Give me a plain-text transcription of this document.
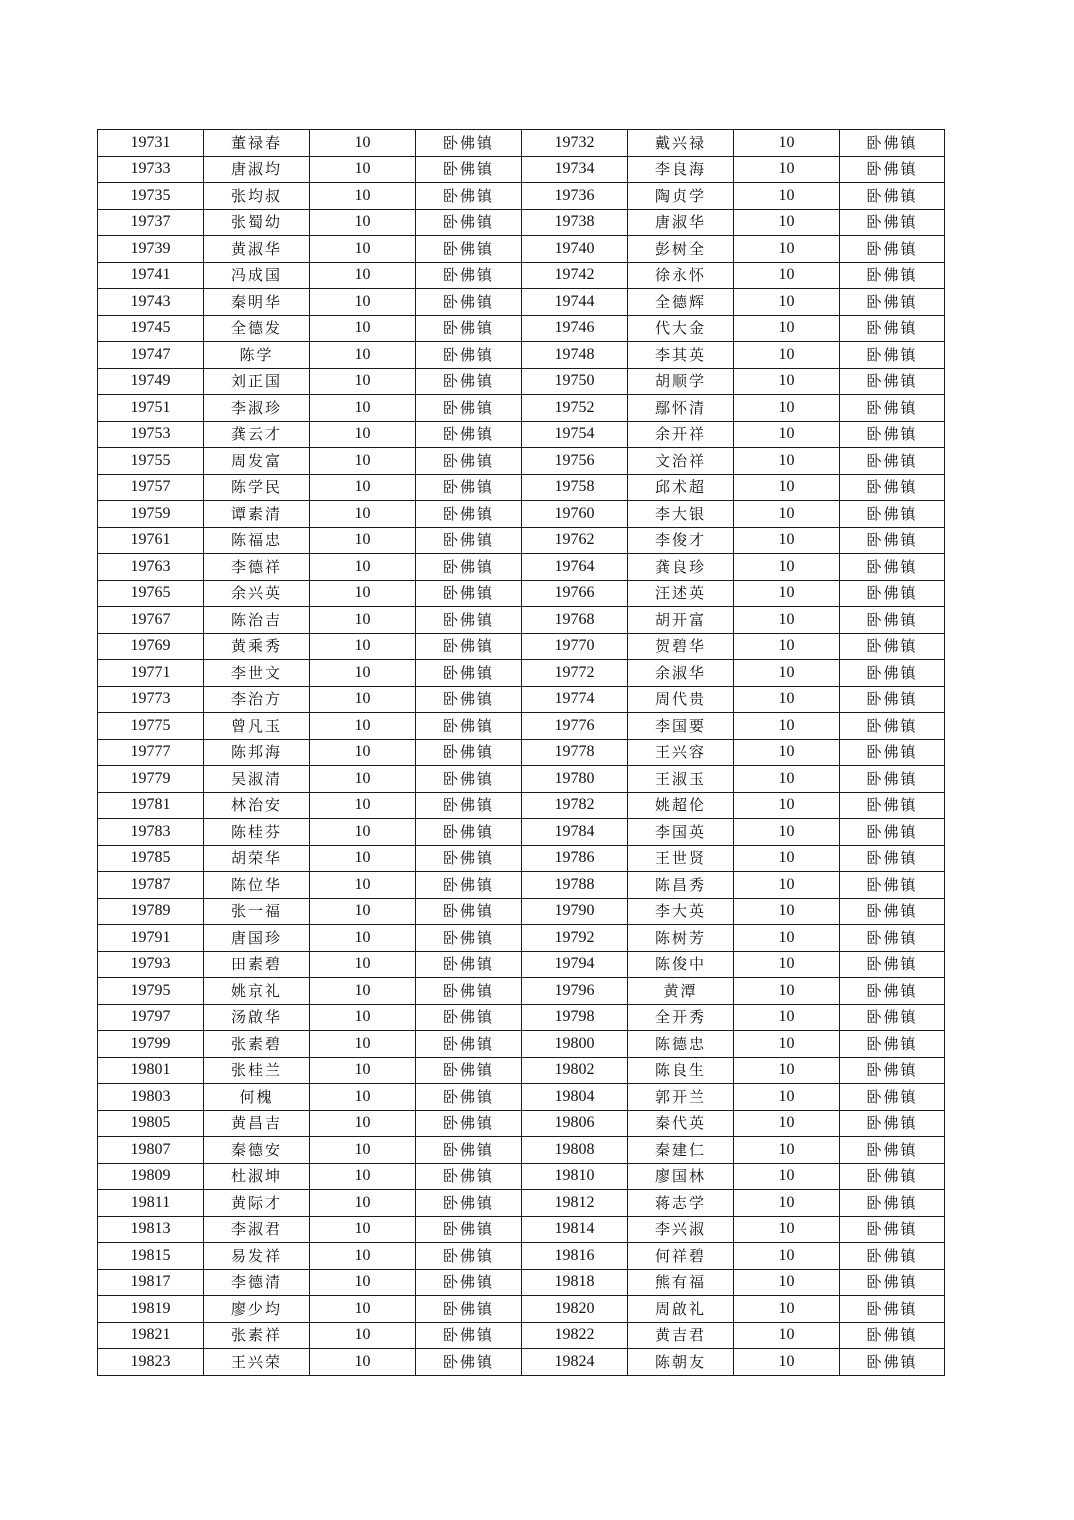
19731	董禄春	10	卧佛镇	19732	戴兴禄	10	卧佛镇
19733	唐淑均	10	卧佛镇	19734	李良海	10	卧佛镇
19735	张均叔	10	卧佛镇	19736	陶贞学	10	卧佛镇
19737	张蜀幼	10	卧佛镇	19738	唐淑华	10	卧佛镇
19739	黄淑华	10	卧佛镇	19740	彭树全	10	卧佛镇
19741	冯成国	10	卧佛镇	19742	徐永怀	10	卧佛镇
19743	秦明华	10	卧佛镇	19744	全德辉	10	卧佛镇
19745	全德发	10	卧佛镇	19746	代大金	10	卧佛镇
19747	陈学	10	卧佛镇	19748	李其英	10	卧佛镇
19749	刘正国	10	卧佛镇	19750	胡顺学	10	卧佛镇
19751	李淑珍	10	卧佛镇	19752	鄢怀清	10	卧佛镇
19753	龚云才	10	卧佛镇	19754	余开祥	10	卧佛镇
19755	周发富	10	卧佛镇	19756	文治祥	10	卧佛镇
19757	陈学民	10	卧佛镇	19758	邱术超	10	卧佛镇
19759	谭素清	10	卧佛镇	19760	李大银	10	卧佛镇
19761	陈福忠	10	卧佛镇	19762	李俊才	10	卧佛镇
19763	李德祥	10	卧佛镇	19764	龚良珍	10	卧佛镇
19765	余兴英	10	卧佛镇	19766	汪述英	10	卧佛镇
19767	陈治吉	10	卧佛镇	19768	胡开富	10	卧佛镇
19769	黄乘秀	10	卧佛镇	19770	贺碧华	10	卧佛镇
19771	李世文	10	卧佛镇	19772	余淑华	10	卧佛镇
19773	李治方	10	卧佛镇	19774	周代贵	10	卧佛镇
19775	曾凡玉	10	卧佛镇	19776	李国要	10	卧佛镇
19777	陈邦海	10	卧佛镇	19778	王兴容	10	卧佛镇
19779	吴淑清	10	卧佛镇	19780	王淑玉	10	卧佛镇
19781	林治安	10	卧佛镇	19782	姚超伦	10	卧佛镇
19783	陈桂芬	10	卧佛镇	19784	李国英	10	卧佛镇
19785	胡荣华	10	卧佛镇	19786	王世贤	10	卧佛镇
19787	陈位华	10	卧佛镇	19788	陈昌秀	10	卧佛镇
19789	张一福	10	卧佛镇	19790	李大英	10	卧佛镇
19791	唐国珍	10	卧佛镇	19792	陈树芳	10	卧佛镇
19793	田素碧	10	卧佛镇	19794	陈俊中	10	卧佛镇
19795	姚京礼	10	卧佛镇	19796	黄潭	10	卧佛镇
19797	汤啟华	10	卧佛镇	19798	全开秀	10	卧佛镇
19799	张素碧	10	卧佛镇	19800	陈德忠	10	卧佛镇
19801	张桂兰	10	卧佛镇	19802	陈良生	10	卧佛镇
19803	何槐	10	卧佛镇	19804	郭开兰	10	卧佛镇
19805	黄昌吉	10	卧佛镇	19806	秦代英	10	卧佛镇
19807	秦德安	10	卧佛镇	19808	秦建仁	10	卧佛镇
19809	杜淑坤	10	卧佛镇	19810	廖国林	10	卧佛镇
19811	黄际才	10	卧佛镇	19812	蒋志学	10	卧佛镇
19813	李淑君	10	卧佛镇	19814	李兴淑	10	卧佛镇
19815	易发祥	10	卧佛镇	19816	何祥碧	10	卧佛镇
19817	李德清	10	卧佛镇	19818	熊有福	10	卧佛镇
19819	廖少均	10	卧佛镇	19820	周啟礼	10	卧佛镇
19821	张素祥	10	卧佛镇	19822	黄吉君	10	卧佛镇
19823	王兴荣	10	卧佛镇	19824	陈朝友	10	卧佛镇
